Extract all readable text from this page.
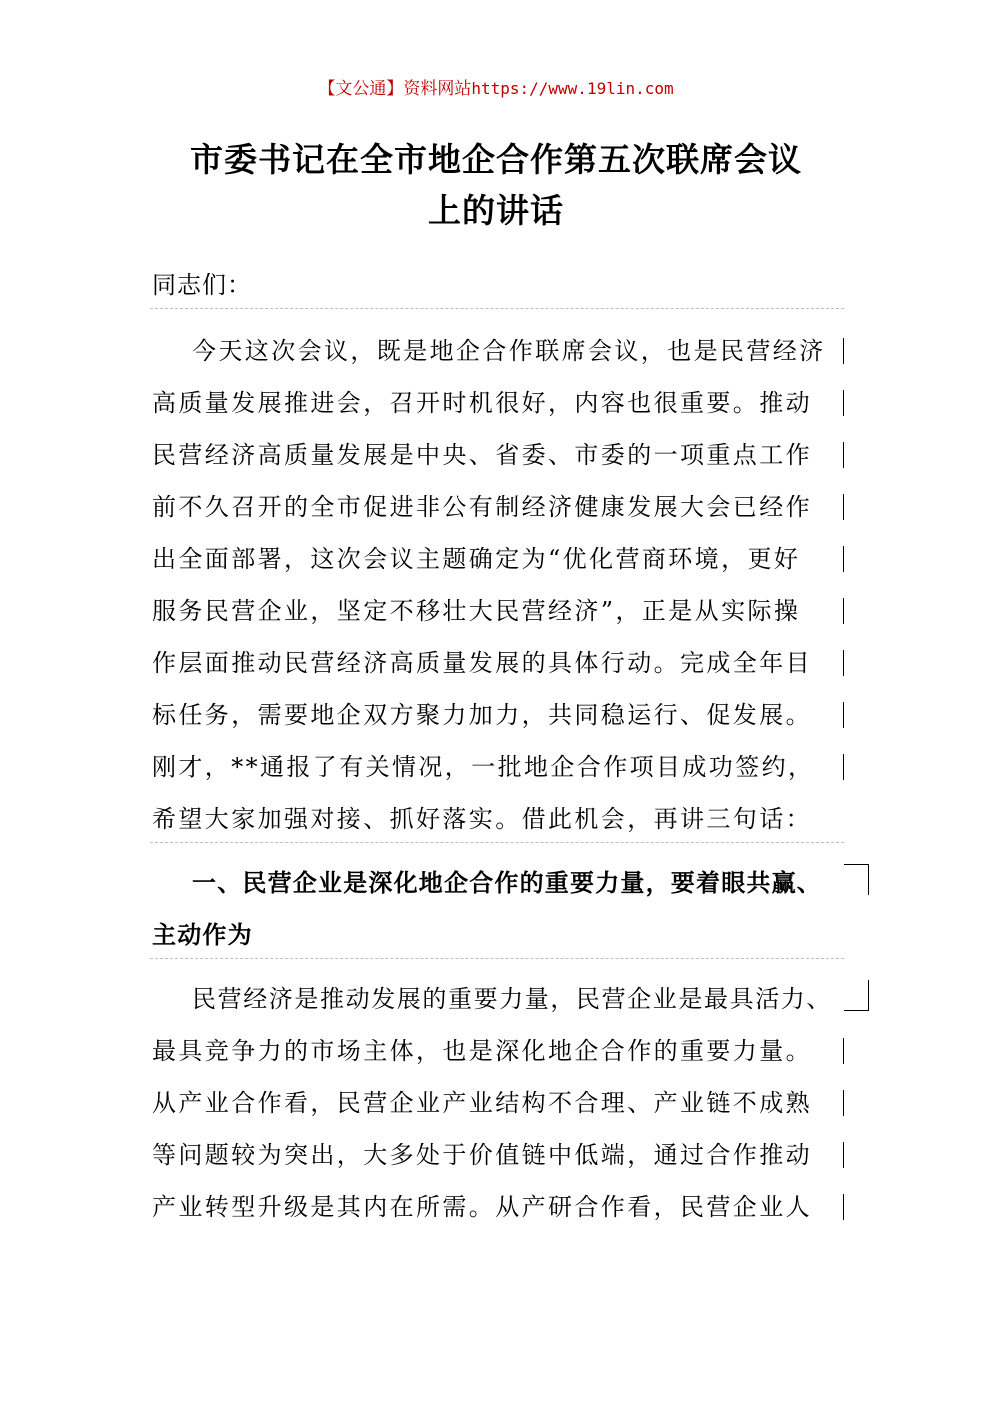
【文公通】资料网站https://www.19lin.com
市委书记在全市地企合作第五次联席会议
上的讲话
同志们：
今天这次会议，既是地企合作联席会议，也是民营经济
高质量发展推进会，召开时机很好，内容也很重要。推动
民营经济高质量发展是中央、省委、市委的一项重点工作
前不久召开的全市促进非公有制经济健康发展大会已经作
出全面部署，这次会议主题确定为“优化营商环境，更好
服务民营企业，坚定不移壮大民营经济”，正是从实际操
作层面推动民营经济高质量发展的具体行动。完成全年目
标任务，需要地企双方聚力加力，共同稳运行、促发展。
刚才，**通报了有关情况，一批地企合作项目成功签约，
希望大家加强对接、抓好落实。借此机会，再讲三句话：
一、民营企业是深化地企合作的重要力量，要着眼共赢、
主动作为
民营经济是推动发展的重要力量，民营企业是最具活力、
最具竞争力的市场主体，也是深化地企合作的重要力量。
从产业合作看，民营企业产业结构不合理、产业链不成熟
等问题较为突出，大多处于价值链中低端，通过合作推动
产业转型升级是其内在所需。从产研合作看，民营企业人
